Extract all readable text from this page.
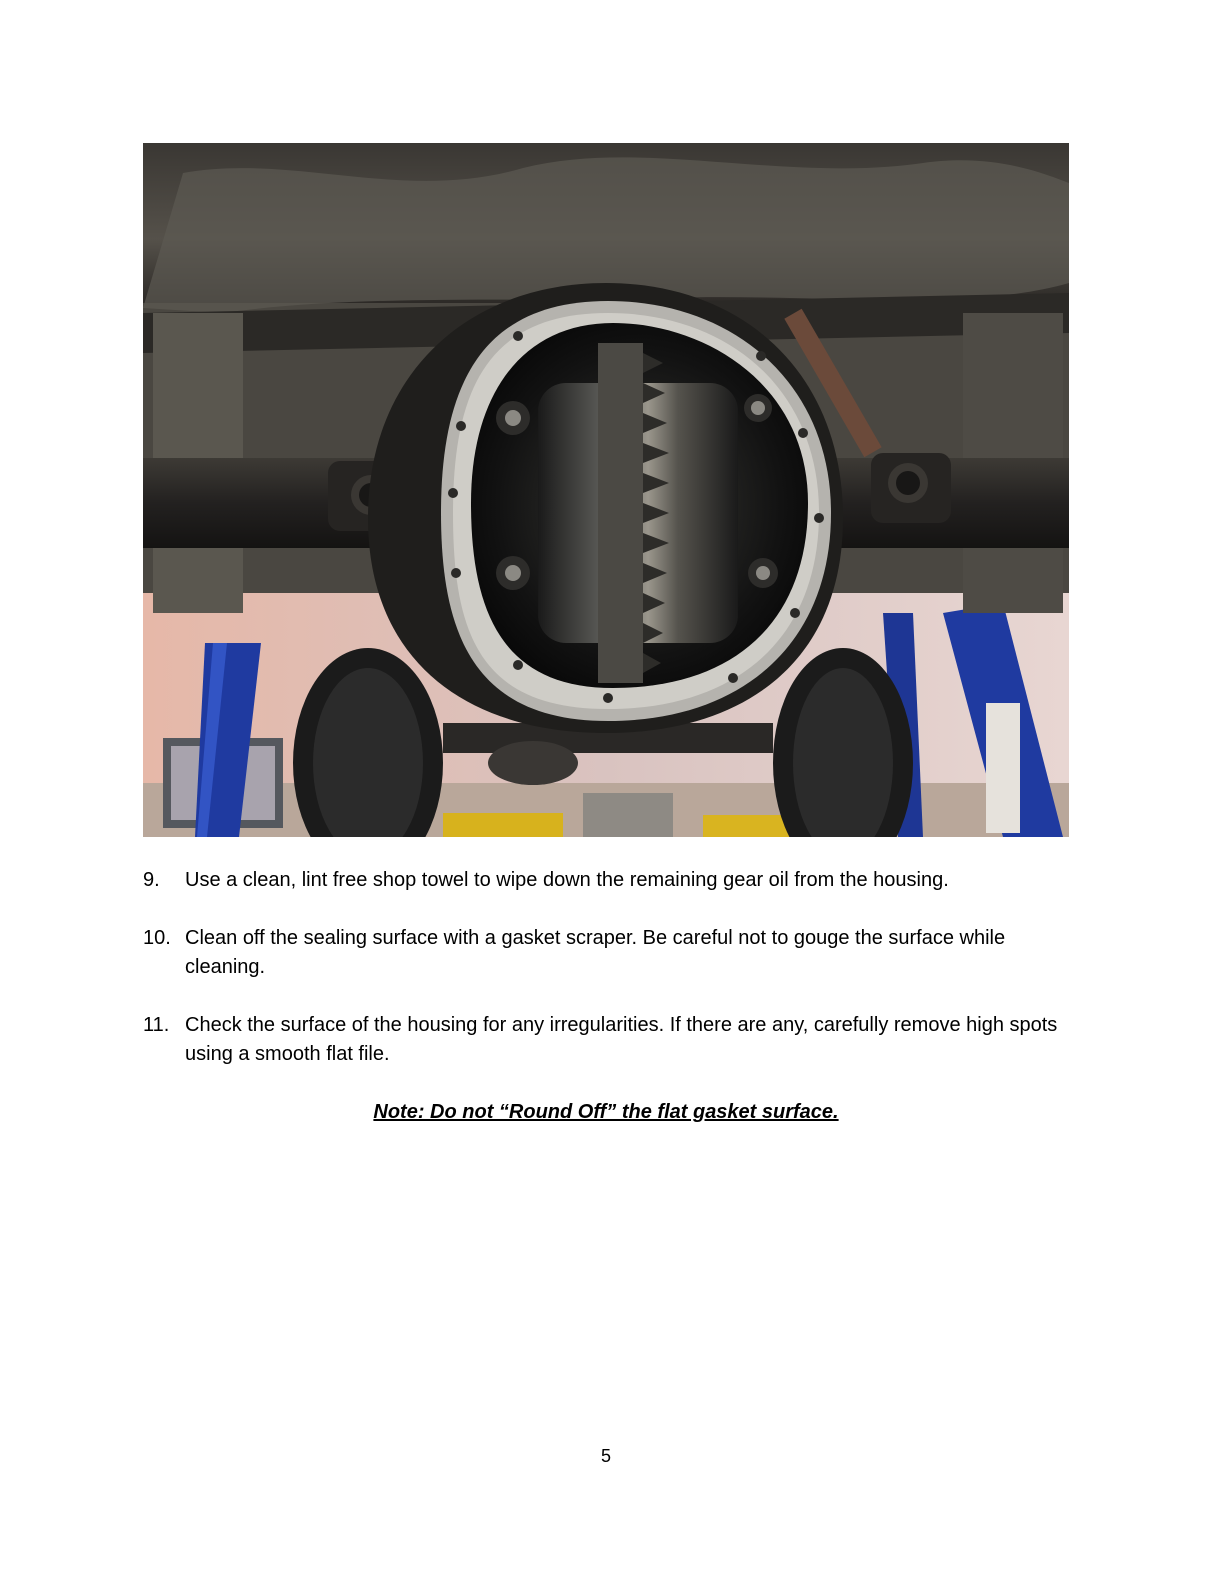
9. Use a clean, lint free shop towel to wipe down the remaining gear oil from the housing.
10. Clean off the sealing surface with a gasket scraper. Be careful not to gouge the surface while cleaning.
11. Check the surface of the housing for any irregularities. If there are any, carefully remove high spots using a smooth flat file.
Note: Do not “Round Off” the flat gasket surface.
5
